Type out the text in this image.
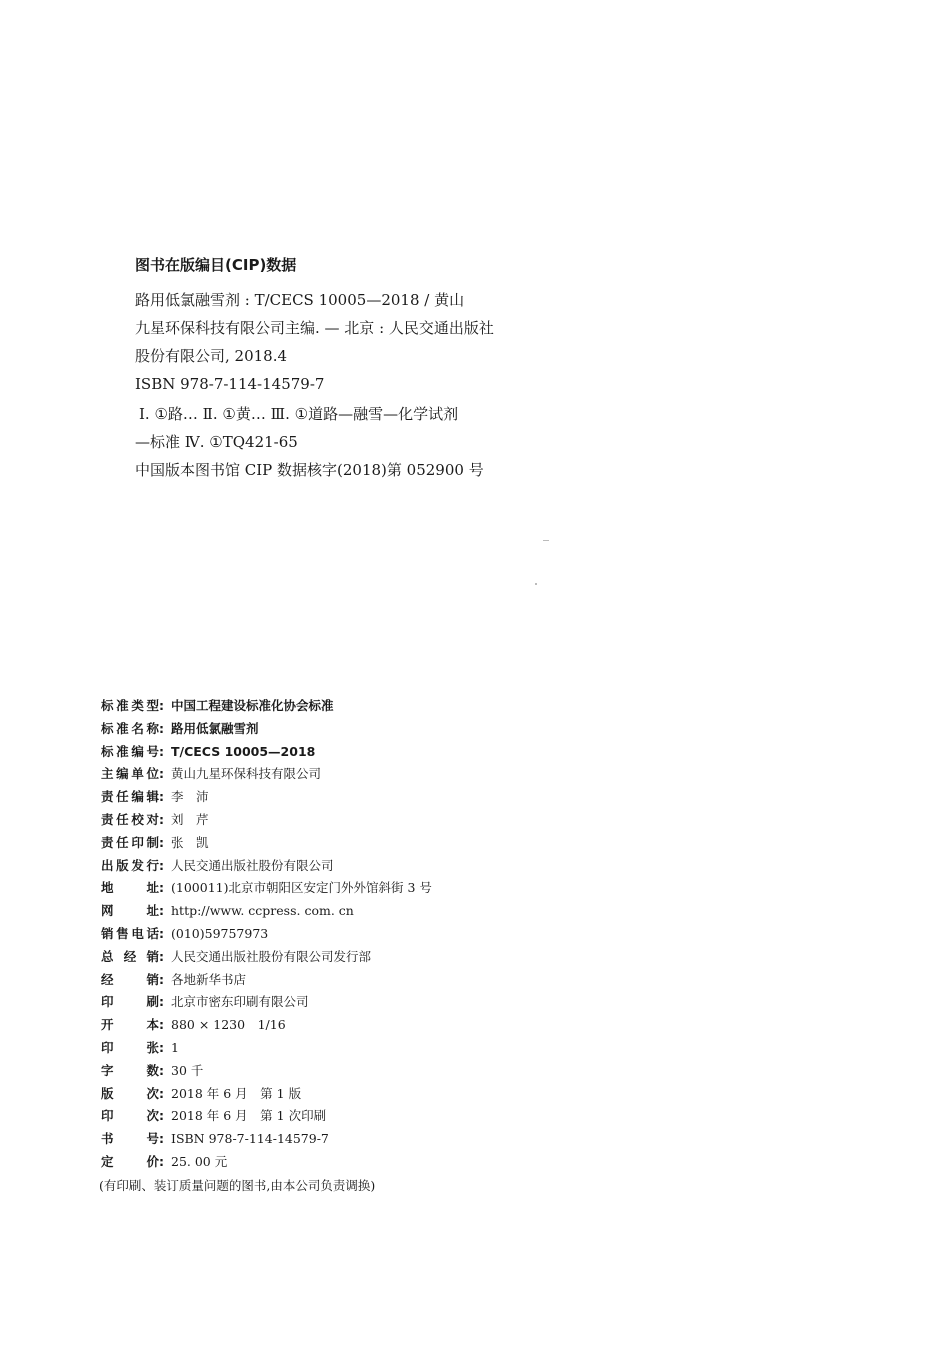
图书在版编目(CIP)数据
路用低氯融雪剂 : T/CECS 10005—2018 / 黄山
九星环保科技有限公司主编. — 北京 : 人民交通出版社
股份有限公司, 2018.4
ISBN 978-7-114-14579-7
Ⅰ. ①路… Ⅱ. ①黄… Ⅲ. ①道路—融雪—化学试剂
—标准 Ⅳ. ①TQ421-65
中国版本图书馆 CIP 数据核字(2018)第 052900 号
标 准 类 型 : 中国工程建设标准化协会标准
标 准 名 称 : 路用低氯融雪剂
标 准 编 号 : T/CECS 10005—2018
主 编 单 位 : 黄山九星环保科技有限公司
责 任 编 辑 : 李　沛
责 任 校 对 : 刘　芹
责 任 印 制 : 张　凯
出 版 发 行 : 人民交通出版社股份有限公司
地	址 : (100011)北京市朝阳区安定门外外馆斜街 3 号
网	址 : http://www. ccpress. com. cn
销 售 电 话 : (010)59757973
总 经 销 : 人民交通出版社股份有限公司发行部
经	销 : 各地新华书店
印	刷 : 北京市密东印刷有限公司
开	本 : 880 × 1230　1/16
印	张 : 1
字	数 : 30 千
版	次 : 2018 年 6 月　第 1 版
印	次 : 2018 年 6 月　第 1 次印刷
书	号 : ISBN 978-7-114-14579-7
定	价 : 25. 00 元
(有印刷、装订质量问题的图书,由本公司负责调换)
